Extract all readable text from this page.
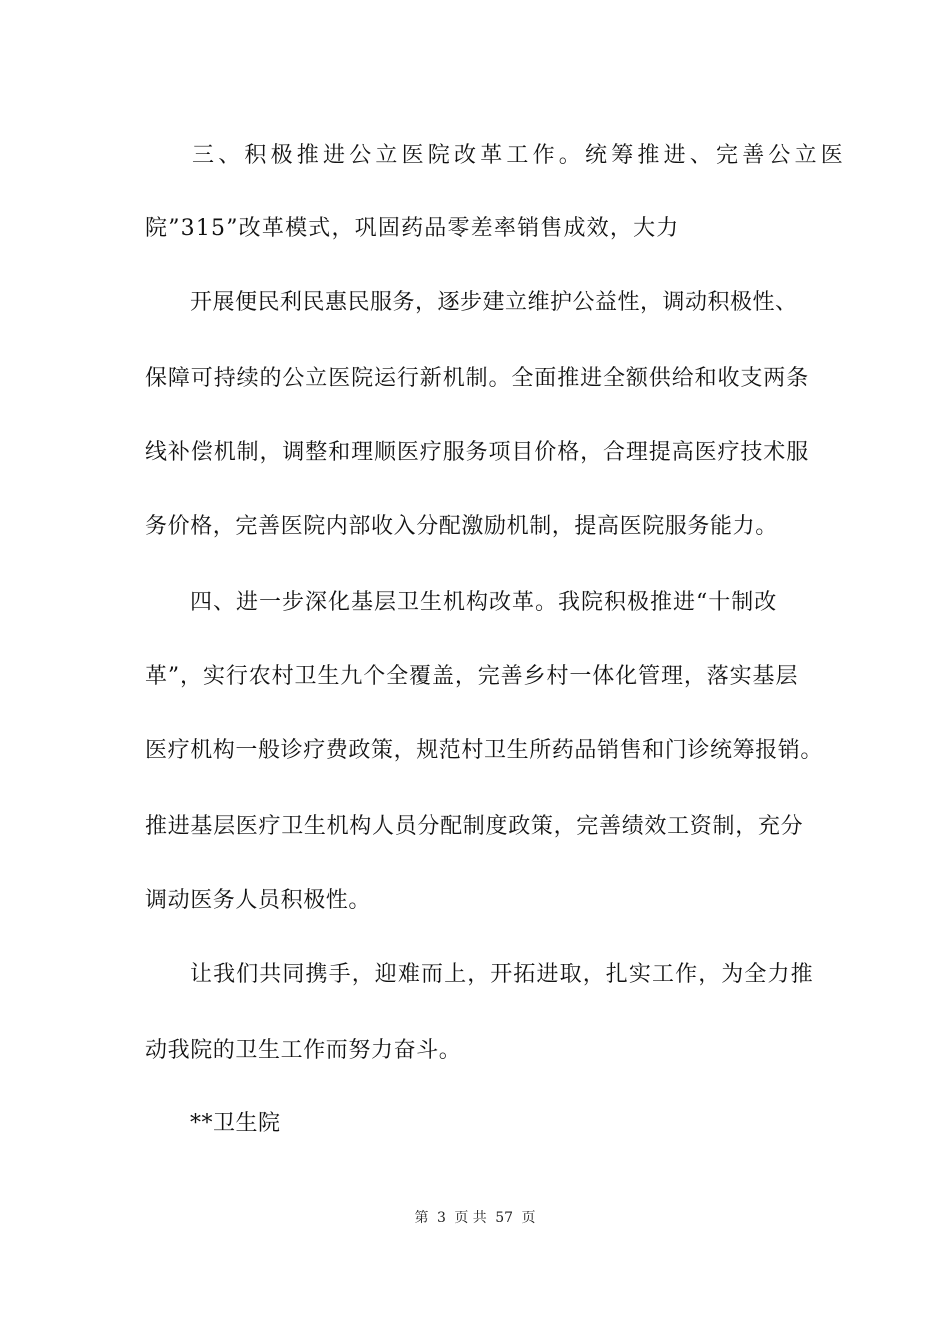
三、积极推进公立医院改革工作。统筹推进、完善公立医
院”315”改革模式，巩固药品零差率销售成效，大力
开展便民利民惠民服务，逐步建立维护公益性，调动积极性、
保障可持续的公立医院运行新机制。全面推进全额供给和收支两条
线补偿机制，调整和理顺医疗服务项目价格，合理提高医疗技术服
务价格，完善医院内部收入分配激励机制，提高医院服务能力。
四、进一步深化基层卫生机构改革。我院积极推进“十制改
革”，实行农村卫生九个全覆盖，完善乡村一体化管理，落实基层
医疗机构一般诊疗费政策，规范村卫生所药品销售和门诊统筹报销。
推进基层医疗卫生机构人员分配制度政策，完善绩效工资制，充分
调动医务人员积极性。
让我们共同携手，迎难而上，开拓进取，扎实工作，为全力推
动我院的卫生工作而努力奋斗。
**卫生院
第 3 页 共 57 页
